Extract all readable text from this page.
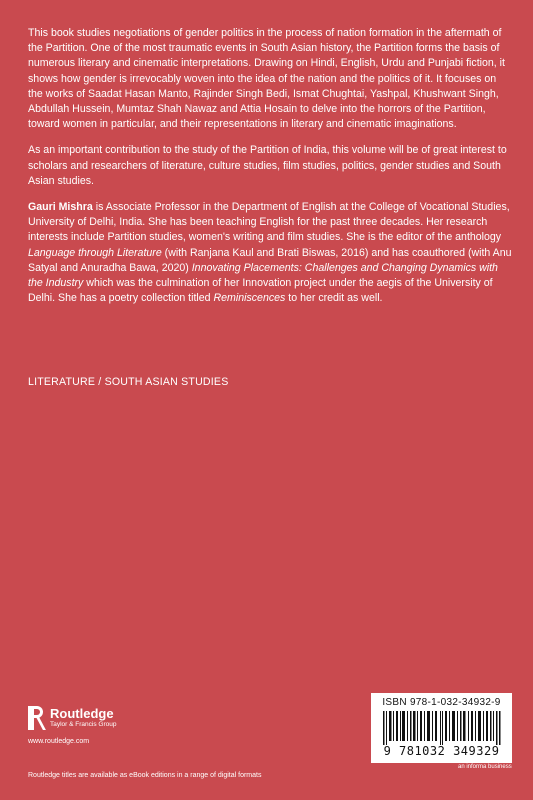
This book studies negotiations of gender politics in the process of nation formation in the aftermath of the Partition. One of the most traumatic events in South Asian history, the Partition forms the basis of numerous literary and cinematic interpretations. Drawing on Hindi, English, Urdu and Punjabi fiction, it shows how gender is irrevocably woven into the idea of the nation and the politics of it. It focuses on the works of Saadat Hasan Manto, Rajinder Singh Bedi, Ismat Chughtai, Yashpal, Khushwant Singh, Abdullah Hussein, Mumtaz Shah Nawaz and Attia Hosain to delve into the horrors of the Partition, toward women in particular, and their representations in literary and cinematic imaginations.

As an important contribution to the study of the Partition of India, this volume will be of great interest to scholars and researchers of literature, culture studies, film studies, politics, gender studies and South Asian studies.

Gauri Mishra is Associate Professor in the Department of English at the College of Vocational Studies, University of Delhi, India. She has been teaching English for the past three decades. Her research interests include Partition studies, women's writing and film studies. She is the editor of the anthology Language through Literature (with Ranjana Kaul and Brati Biswas, 2016) and has coauthored (with Anu Satyal and Anuradha Bawa, 2020) Innovating Placements: Challenges and Changing Dynamics with the Industry which was the culmination of her Innovation project under the aegis of the University of Delhi. She has a poetry collection titled Reminiscences to her credit as well.

LITERATURE / SOUTH ASIAN STUDIES
Routledge
Taylor & Francis Group
www.routledge.com
Routledge titles are available as eBook editions in a range of digital formats
ISBN 978-1-032-34932-9
9 781032 349329
an informa business
